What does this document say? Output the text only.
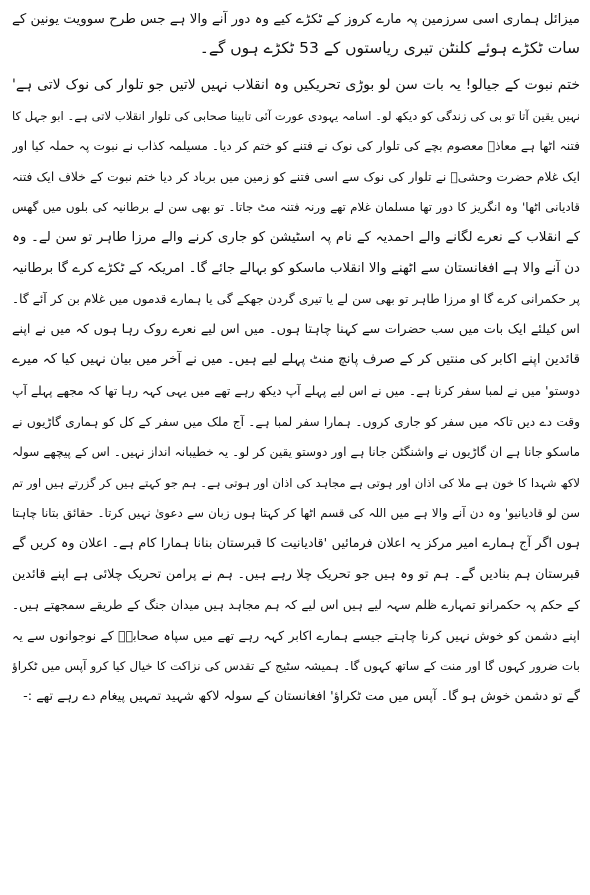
میزائل ہماری اسی سرزمین پہ مارے کروز کے ٹکڑے کیے وہ دور آنے والا ہے جس طرح سوویت یونین کے

سات ٹکڑے ہوئے کلنٹن تیری ریاستوں کے 53 ٹکڑے ہوں گے۔

ختم نبوت کے جیالو! یہ بات سن لو بوڑی تحریکیں وہ انقلاب نہیں لاتیں جو تلوار کی نوک لاتی ہے'

نہیں یقین آتا تو بی کی زندگی کو دیکھ لو۔ اسامہ یہودی عورت آئی تابینا صحابی کی تلوار انقلاب لاتی ہے۔ ابو جہل کا

فتنہ اٹھا ہے معاذؓ معصوم بچے کی تلوار کی نوک نے فتنے کو ختم کر دیا۔ مسیلمہ کذاب نے نبوت پہ حملہ کیا اور

ایک غلام حضرت وحشیؓ نے تلوار کی نوک سے اسی فتنے کو زمین میں برباد کر دیا ختم نبوت کے خلاف ایک فتنہ

قادیانی اٹھا' وہ انگریز کا دور تھا مسلمان غلام تھے ورنہ فتنہ مٹ جاتا۔ تو بھی سن لے برطانیہ کی بلوں میں گھس

کے انقلاب کے نعرے لگانے والے احمدیہ کے نام پہ اسٹیشن کو جاری کرنے والے مرزا طاہر تو سن لے۔ وہ

دن آنے والا ہے افغانستان سے اٹھنے والا انقلاب ماسکو کو بہالے جائے گا۔ امریکہ کے ٹکڑے کرے گا برطانیہ

پر حکمرانی کرے گا او مرزا طاہر تو بھی سن لے یا تیری گردن جھکے گی یا ہمارے قدموں میں غلام بن کر آئے گا۔

اس کیلئے ایک بات میں سب حضرات سے کہنا چاہتا ہوں۔ میں اس لیے نعرے روک رہا ہوں کہ میں نے اپنے

قائدین اپنے اکابر کی منتیں کر کے صرف پانچ منٹ پہلے لیے ہیں۔ میں نے آخر میں بیان نہیں کیا کہ میرے

دوستو' میں نے لمبا سفر کرنا ہے۔ میں نے اس لیے پہلے آپ دیکھ رہے تھے میں یہی کہہ رہا تھا کہ مجھے پہلے آپ

وقت دے دیں تاکہ میں سفر کو جاری کروں۔ ہمارا سفر لمبا ہے۔ آج ملک میں سفر کے کل کو ہماری گاڑیوں نے

ماسکو جانا ہے ان گاڑیوں نے واشنگٹن جانا ہے اور دوستو یقین کر لو۔ یہ خطیبانہ انداز نہیں۔ اس کے پیچھے سولہ

لاکھ شہدا کا خون ہے ملا کی اذان اور ہوتی ہے مجاہد کی اذان اور ہوتی ہے۔ ہم جو کہتے ہیں کر گزرتے ہیں اور تم

سن لو قادیانیو' وہ دن آنے والا ہے میں اللہ کی قسم اٹھا کر کہتا ہوں زبان سے دعویٰ نہیں کرتا۔ حقائق بتانا چاہتا

ہوں اگر آج ہمارے امیر مرکز یہ اعلان فرمائیں 'قادیانیت کا قبرستان بنانا ہمارا کام ہے۔ اعلان وہ کریں گے

قبرستان ہم بنادیں گے۔ ہم تو وہ ہیں جو تحریک چلا رہے ہیں۔ ہم نے پرامن تحریک چلائی ہے اپنے قائدین

کے حکم پہ حکمرانو تمہارے ظلم سہہ لیے ہیں اس لیے کہ ہم مجاہد ہیں میدان جنگ کے طریقے سمجھتے ہیں۔

اپنے دشمن کو خوش نہیں کرنا چاہتے جیسے ہمارے اکابر کہہ رہے تھے میں سپاہ صحابہؓ کے نوجوانوں سے یہ

بات ضرور کہوں گا اور منت کے ساتھ کہوں گا۔ ہمیشہ سٹیج کے تقدس کی نزاکت کا خیال کیا کرو آپس میں ٹکراؤ

گے تو دشمن خوش ہو گا۔ آپس میں مت ٹکراؤ' افغانستان کے سولہ لاکھ شہید تمہیں پیغام دے رہے تھے :-
